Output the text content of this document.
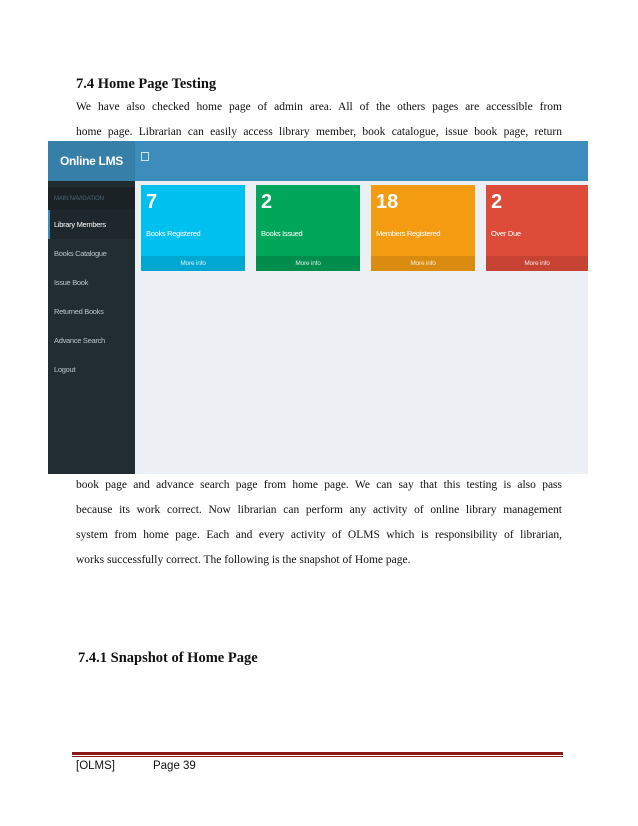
7.4 Home Page Testing

We have also checked home page of admin area. All of the others pages are accessible from

home page. Librarian can easily access library member, book catalogue, issue book page, return

Online LMS
MAIN NAVIGATION
Library Members
Books Catalogue
Issue Book
Returned Books
Advance Search
Logout
7
Books Registered
More info
2
Books Issued
More info
18
Members Registered
More info
2
Over Due
More info

book page and advance search page from home page. We can say that this testing is also pass

because its work correct. Now librarian can perform any activity of online library management

system from home page. Each and every activity of OLMS which is responsibility of librarian,

works successfully correct. The following is the snapshot of Home page.

7.4.1 Snapshot of Home Page
[OLMS]	Page 39
